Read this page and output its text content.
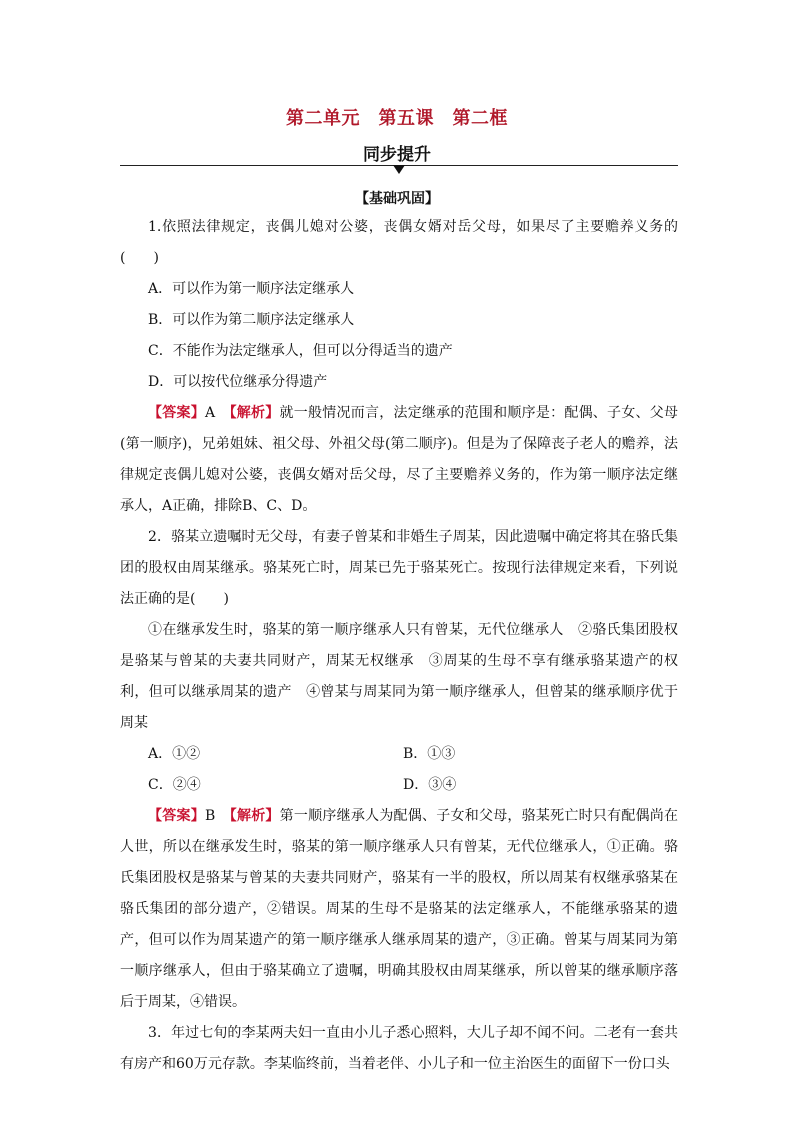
第二单元　第五课　第二框
同步提升
【基础巩固】

1.依照法律规定，丧偶儿媳对公婆，丧偶女婿对岳父母，如果尽了主要赡养义务的(　　)

A．可以作为第一顺序法定继承人

B．可以作为第二顺序法定继承人

C．不能作为法定继承人，但可以分得适当的遗产

D．可以按代位继承分得遗产

【答案】A　【解析】就一般情况而言，法定继承的范围和顺序是：配偶、子女、父母(第一顺序)，兄弟姐妹、祖父母、外祖父母(第二顺序)。但是为了保障丧子老人的赡养，法律规定丧偶儿媳对公婆，丧偶女婿对岳父母，尽了主要赡养义务的，作为第一顺序法定继承人，A正确，排除B、C、D。

2．骆某立遗嘱时无父母，有妻子曾某和非婚生子周某，因此遗嘱中确定将其在骆氏集团的股权由周某继承。骆某死亡时，周某已先于骆某死亡。按现行法律规定来看，下列说法正确的是(　　)

①在继承发生时，骆某的第一顺序继承人只有曾某，无代位继承人　②骆氏集团股权是骆某与曾某的夫妻共同财产，周某无权继承　③周某的生母不享有继承骆某遗产的权利，但可以继承周某的遗产　④曾某与周某同为第一顺序继承人，但曾某的继承顺序优于周某

A．①②	B．①③
C．②④	D．③④

【答案】B　【解析】第一顺序继承人为配偶、子女和父母，骆某死亡时只有配偶尚在人世，所以在继承发生时，骆某的第一顺序继承人只有曾某，无代位继承人，①正确。骆氏集团股权是骆某与曾某的夫妻共同财产，骆某有一半的股权，所以周某有权继承骆某在骆氏集团的部分遗产，②错误。周某的生母不是骆某的法定继承人，不能继承骆某的遗产，但可以作为周某遗产的第一顺序继承人继承周某的遗产，③正确。曾某与周某同为第一顺序继承人，但由于骆某确立了遗嘱，明确其股权由周某继承，所以曾某的继承顺序落后于周某，④错误。

3．年过七旬的李某两夫妇一直由小儿子悉心照料，大儿子却不闻不问。二老有一套共有房产和60万元存款。李某临终前，当着老伴、小儿子和一位主治医生的面留下一份口头
